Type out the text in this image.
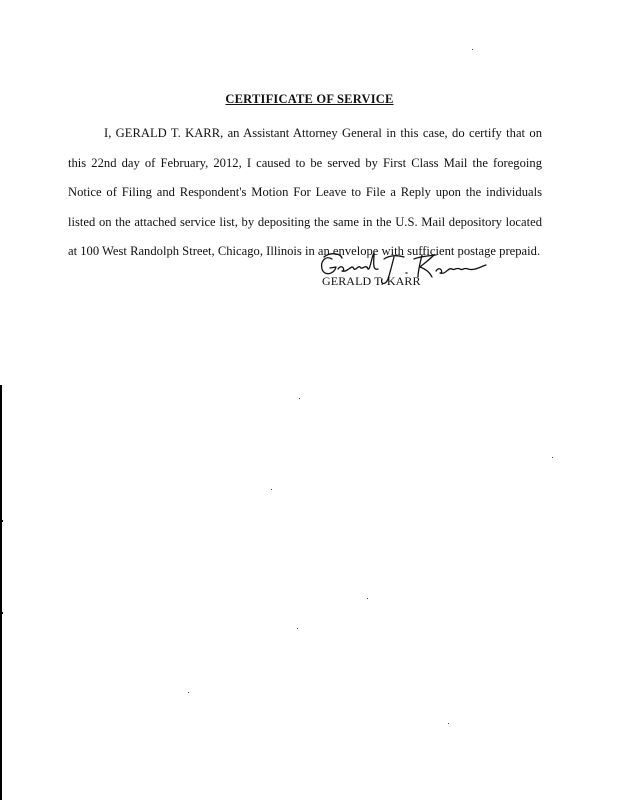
CERTIFICATE OF SERVICE

I, GERALD T. KARR, an Assistant Attorney General in this case, do certify that on this 22nd day of February, 2012, I caused to be served by First Class Mail the foregoing Notice of Filing and Respondent's Motion For Leave to File a Reply upon the individuals listed on the attached service list, by depositing the same in the U.S. Mail depository located at 100 West Randolph Street, Chicago, Illinois in an envelope with sufficient postage prepaid.

GERALD T. KARR
